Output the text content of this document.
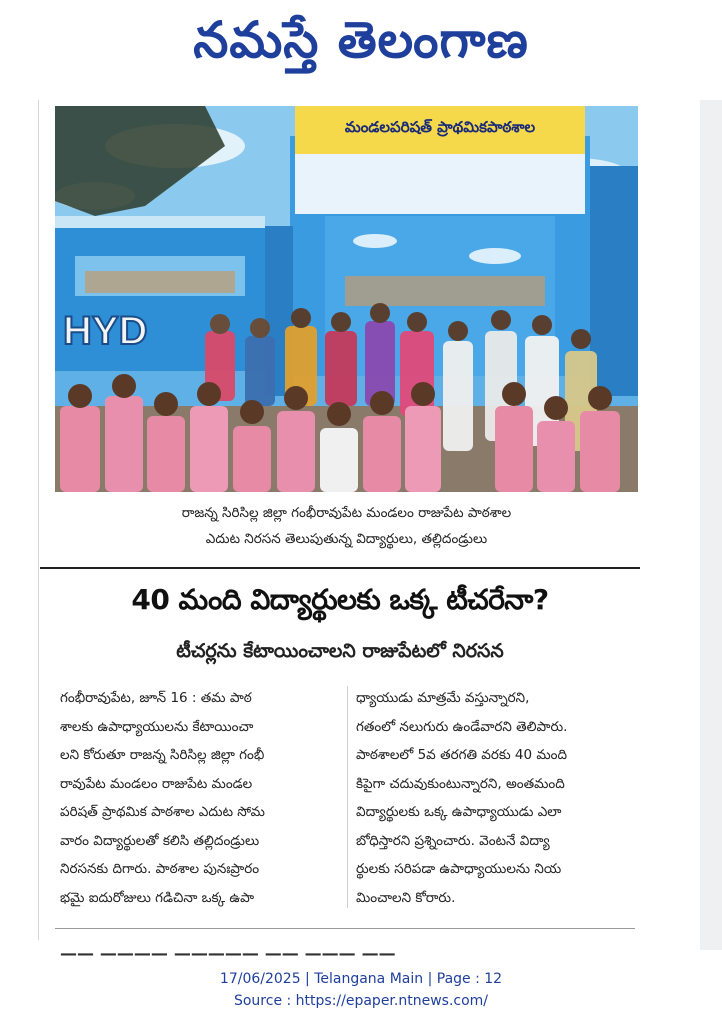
నమస్తే తెలంగాణ
మండలపరిషత్ ప్రాథమికపాఠశాల
HYD
రాజన్న సిరిసిల్ల జిల్లా గంభీరావుపేట మండలం రాజుపేట పాఠశాల
ఎదుట నిరసన తెలుపుతున్న విద్యార్థులు, తల్లిదండ్రులు
40 మంది విద్యార్థులకు ఒక్క టీచరేనా?
టీచర్లను కేటాయించాలని రాజుపేటలో నిరసన
గంభీరావుపేట, జూన్ 16 : తమ పాఠ
శాలకు ఉపాధ్యాయులను కేటాయించా
లని కోరుతూ రాజన్న సిరిసిల్ల జిల్లా గంభీ
రావుపేట మండలం రాజుపేట మండల
పరిషత్ ప్రాథమిక పాఠశాల ఎదుట సోమ
వారం విద్యార్థులతో కలిసి తల్లిదండ్రులు
నిరసనకు దిగారు. పాఠశాల పునఃప్రారం
భమై ఐదురోజులు గడిచినా ఒక్క ఉపా
ధ్యాయుడు మాత్రమే వస్తున్నారని,
గతంలో నలుగురు ఉండేవారని తెలిపారు.
పాఠశాలలో 5వ తరగతి వరకు 40 మంది
కిపైగా చదువుకుంటున్నారని, అంతమంది
విద్యార్థులకు ఒక్క ఉపాధ్యాయుడు ఎలా
బోధిస్తారని ప్రశ్నించారు. వెంటనే విద్యా
ర్థులకు సరిపడా ఉపాధ్యాయులను నియ
మించాలని కోరారు.
—— ———— ————— —— ——— ——
17/06/2025 | Telangana Main | Page : 12
Source : https://epaper.ntnews.com/
